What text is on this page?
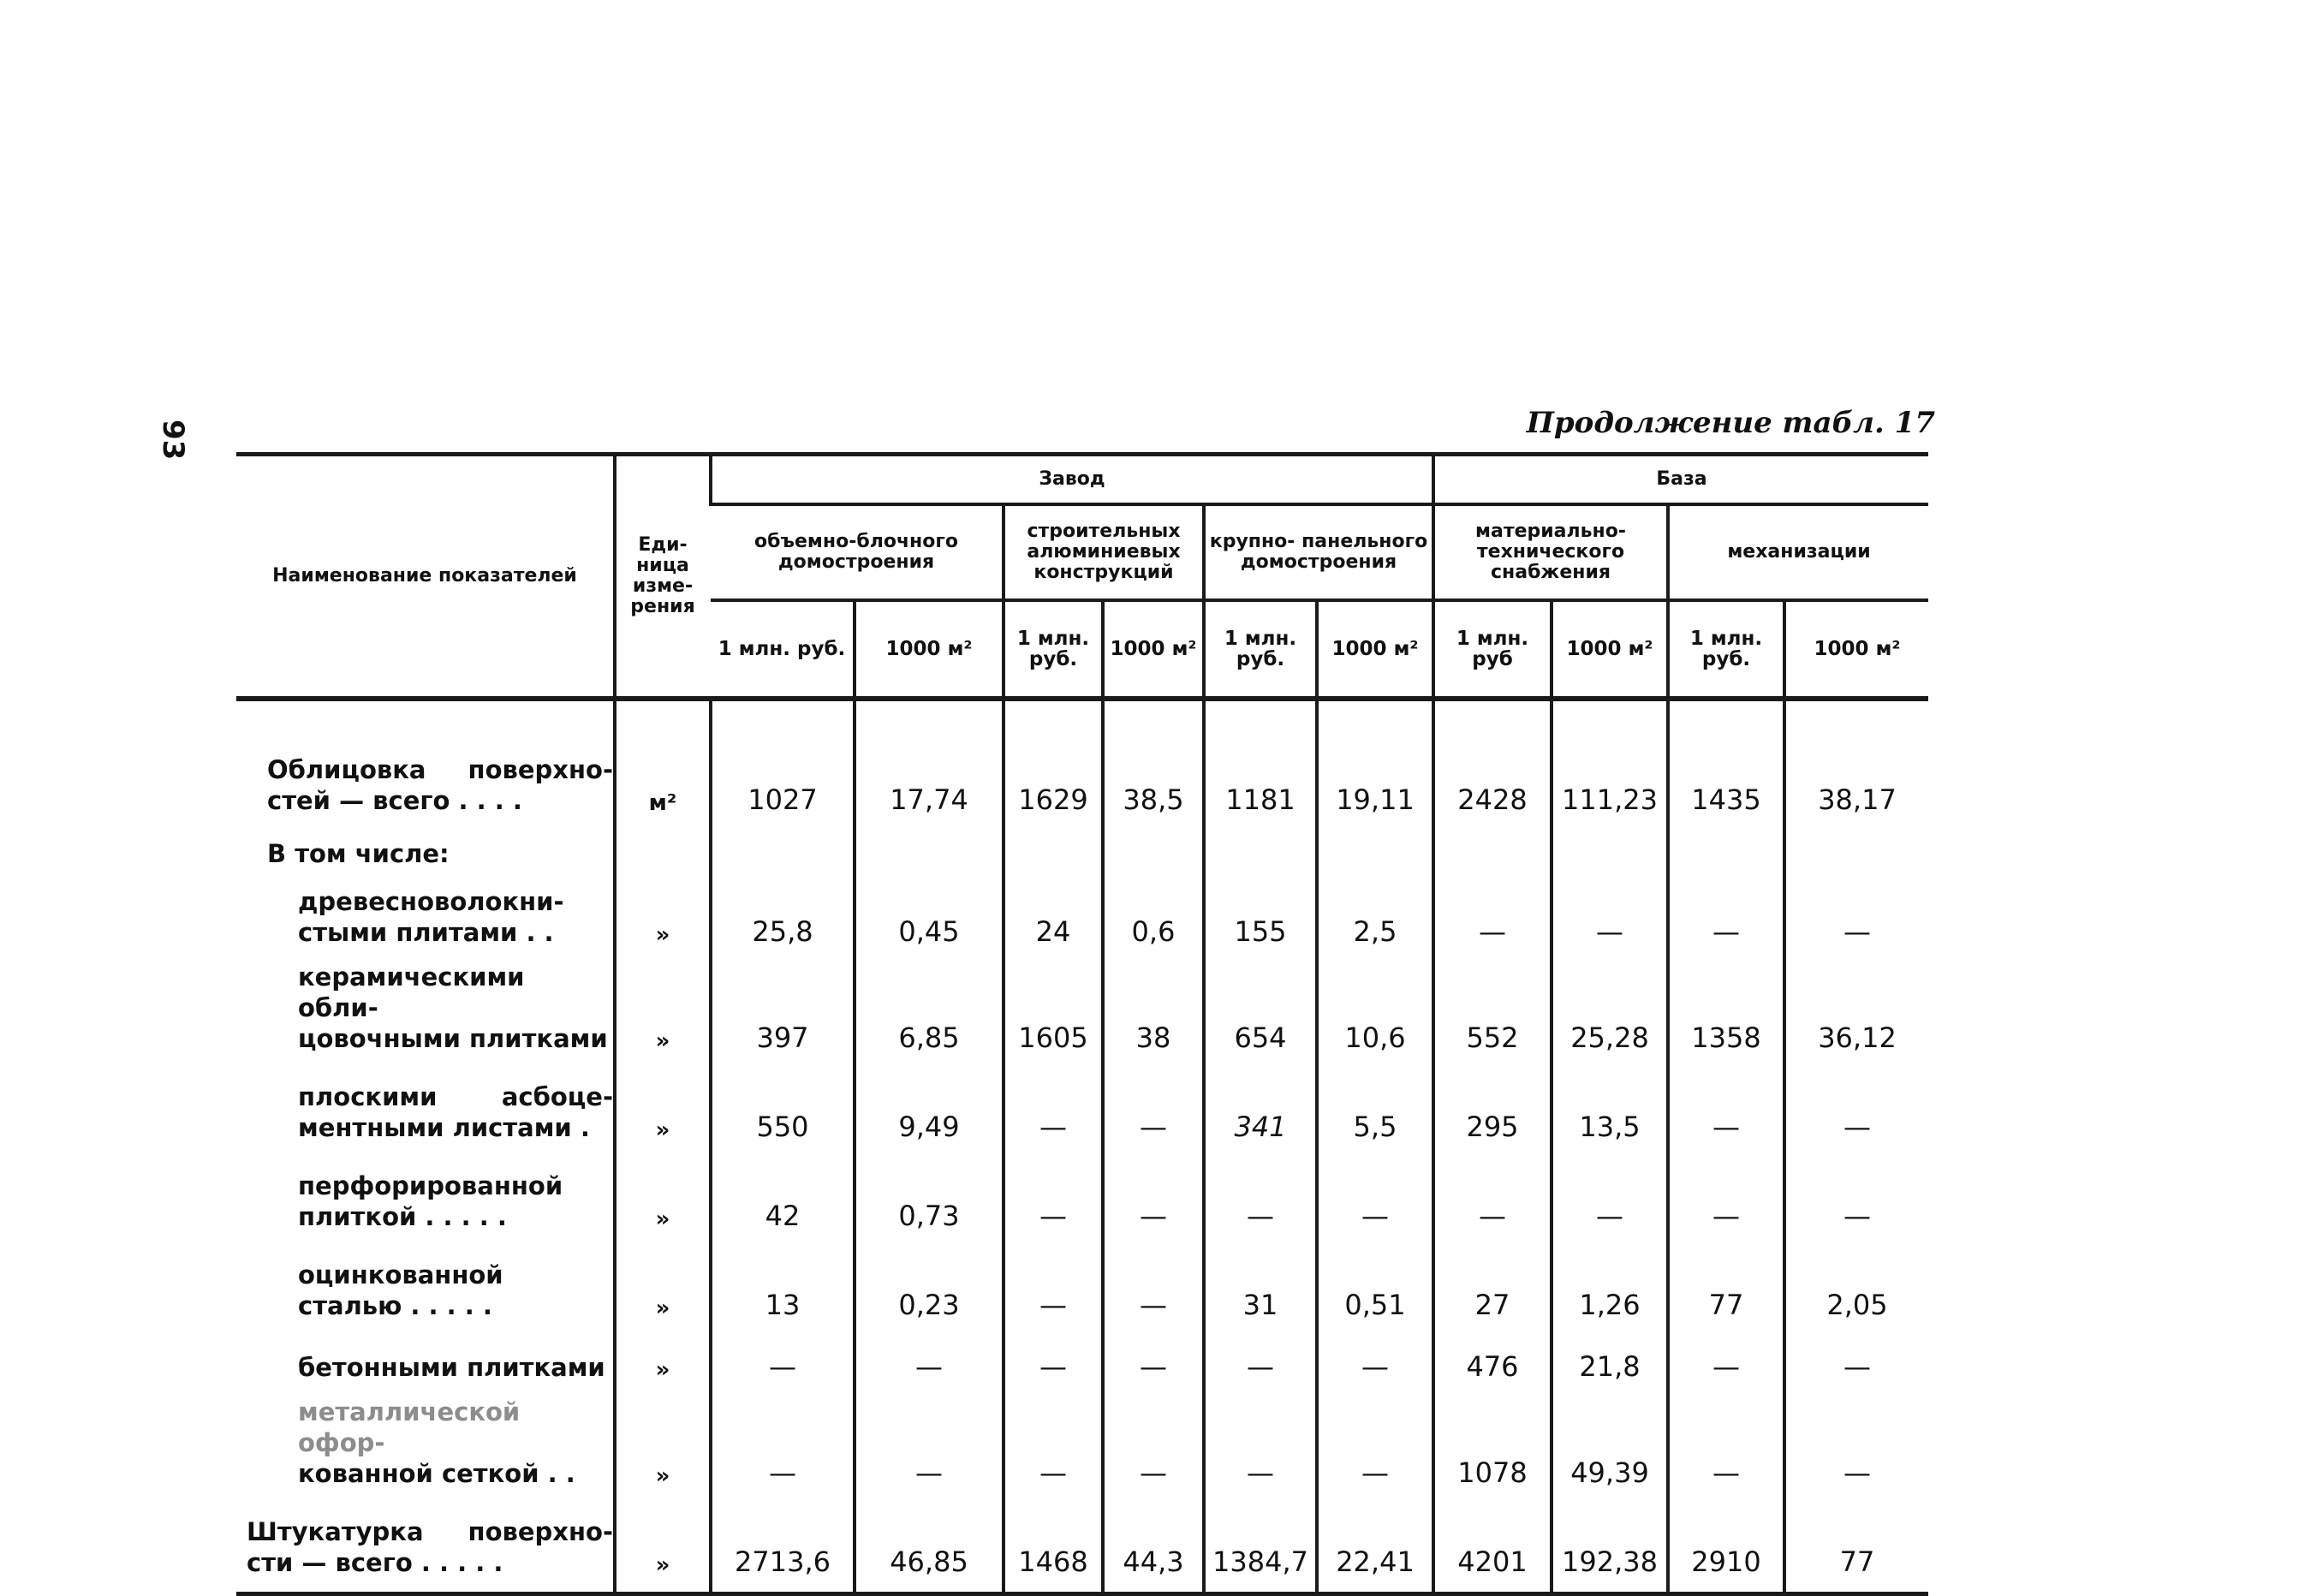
93	Продолжение табл. 17
Наименование показателей	Еди- ница изме- рения	Завод						База			
		объемно-блочного домостроения		строительных алюминиевых конструкций		крупно- панельного домостроения		материально- технического снабжения		механизации	
		1 млн. руб.	1000 м²	1 млн. руб.	1000 м²	1 млн. руб.	1000 м²	1 млн. руб	1000 м²	1 млн. руб.	1000 м²

Облицовка поверхно-
стей — всего . . . .	м²	1027	17,74	1629	38,5	1181	19,11	2428	111,23	1435	38,17
В том числе:											

древесноволокни-
стыми плитами . .	»	25,8	0,45	24	0,6	155	2,5	—	—	—	—

керамическими обли-
цовочными плитками	»	397	6,85	1605	38	654	10,6	552	25,28	1358	36,12

плоскими асбоце-
ментными листами .	»	550	9,49	—	—	341	5,5	295	13,5	—	—

перфорированной
плиткой . . . . .	»	42	0,73	—	—	—	—	—	—	—	—

оцинкованной
сталью . . . . .	»	13	0,23	—	—	31	0,51	27	1,26	77	2,05

бетонными плитками	»	—	—	—	—	—	—	476	21,8	—	—

металлической офор-
кованной сеткой . .	»	—	—	—	—	—	—	1078	49,39	—	—

Штукатурка поверхно-
сти — всего . . . . .	»	2713,6	46,85	1468	44,3	1384,7	22,41	4201	192,38	2910	77
